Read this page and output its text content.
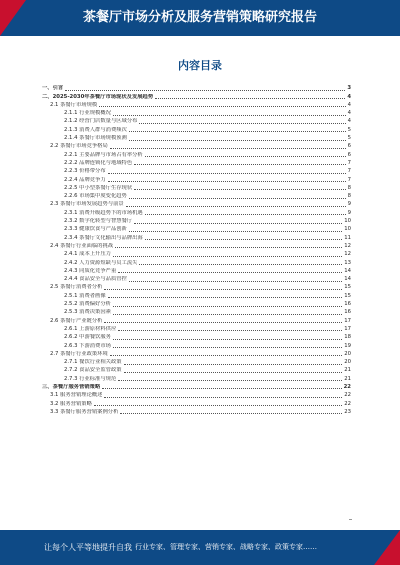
茶餐厅市场分析及服务营销策略研究报告
内容目录
一、引言	3
二、2025-2030年茶餐厅市场现状及发展趋势	4
2.1 茶餐厅市场规模	4
2.1.1 行业规模概况	4
2.1.2 经营门店数量与区域分布	4
2.1.3 消费人群与消费频次	5
2.1.4 茶餐厅市场规模预测	5
2.2 茶餐厅市场竞争格局	6
2.2.1 主要品牌与市场占有率分析	6
2.2.2 品牌连锁化与地域特色	7
2.2.3 价格带分布	7
2.2.4 品牌竞争力	7
2.2.5 中小型茶餐厅生存现状	8
2.2.6 市场集中度变化趋势	8
2.3 茶餐厅市场发展趋势与前景	9
2.3.1 消费升级趋势下的市场机遇	9
2.3.2 数字化转型与智慧餐厅	10
2.3.3 健康饮食与产品创新	10
2.3.4 茶餐厅文化输出与品牌出海	11
2.4 茶餐厅行业面临的挑战	12
2.4.1 成本上升压力	12
2.4.2 人力资源短缺与员工流失	13
2.4.3 同质化竞争严重	14
2.4.4 食品安全与品质管控	14
2.5 茶餐厅消费者分析	15
2.5.1 消费者画像	15
2.5.2 消费偏好分析	16
2.5.3 消费决策因素	16
2.6 茶餐厅产业链分析	17
2.6.1 上游原材料供应	17
2.6.2 中游餐饮服务	18
2.6.3 下游消费市场	19
2.7 茶餐厅行业政策环境	20
2.7.1 餐饮行业相关政策	20
2.7.2 食品安全监管政策	21
2.7.3 行业标准与规范	21
三、茶餐厅服务营销策略	22
3.1 服务营销理论概述	22
3.2 服务营销策略	22
3.3 茶餐厅服务营销案例分析	23
让每个人平等地提升自我 行业专家、管理专家、营销专家、战略专家、政策专家……
